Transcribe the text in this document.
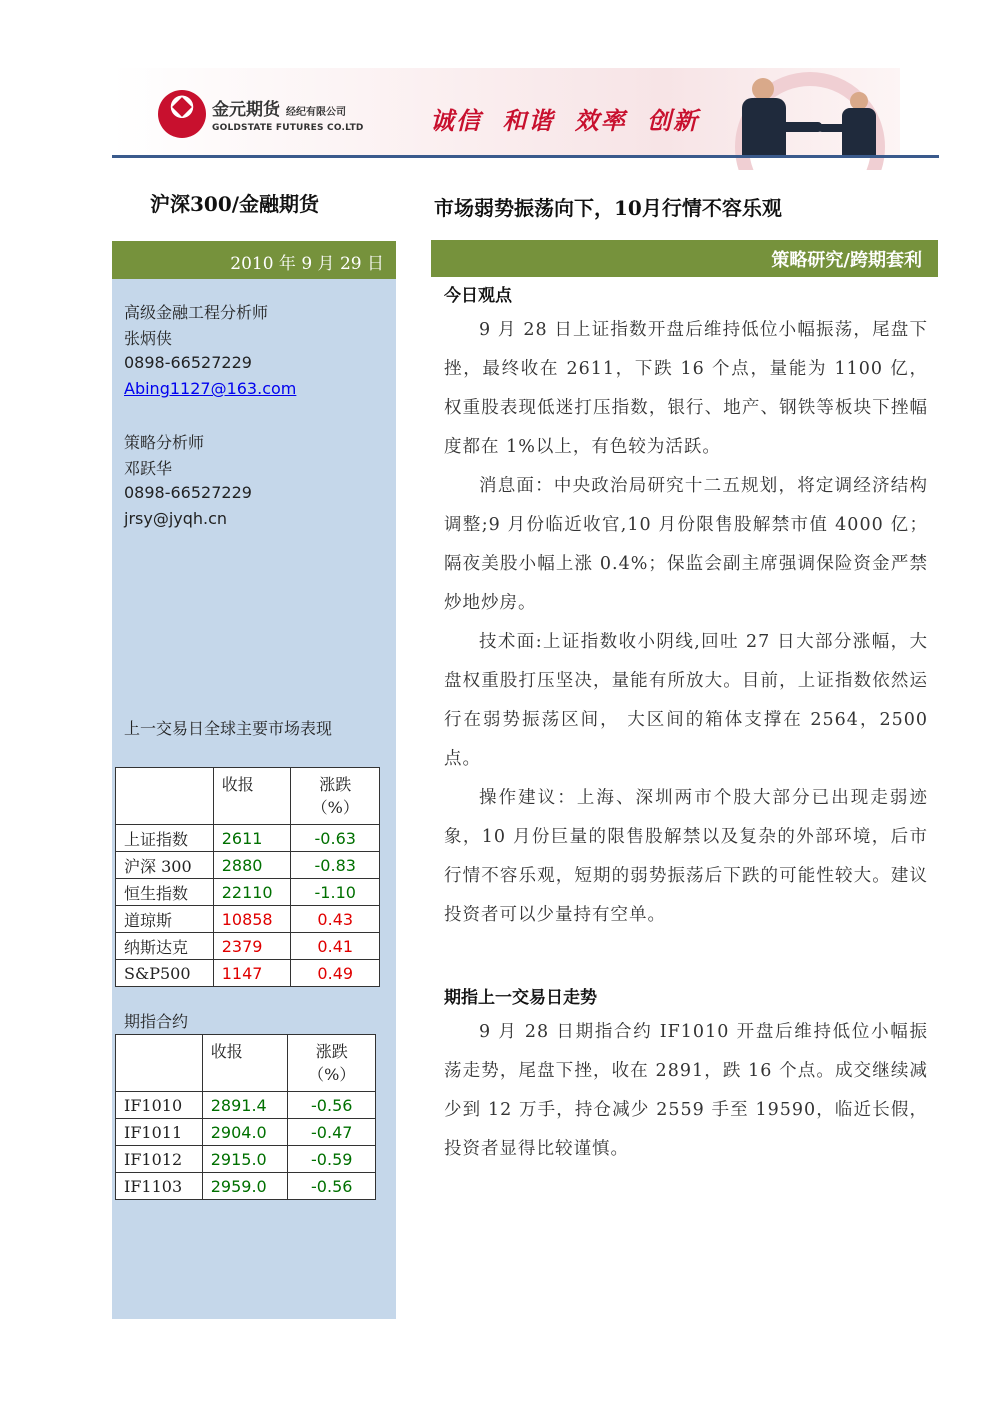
金元期货 经纪有限公司
GOLDSTATE FUTURES CO.LTD	诚信 和谐 效率 创新
沪深300/金融期货	市场弱势振荡向下，10月行情不容乐观
2010 年 9 月 29 日
高级金融工程分析师
张炳侠
0898-66527229
Abing1127@163.com
策略分析师
邓跃华
0898-66527229
jrsy@jyqh.cn
上一交易日全球主要市场表现
	收报	涨跌
（%）

上证指数	2611	-0.63
沪深 300	2880	-0.83
恒生指数	22110	-1.10
道琼斯	10858	0.43
纳斯达克	2379	0.41
S&P500	1147	0.49
期指合约
	收报	涨跌
（%）

IF1010	2891.4	-0.56
IF1011	2904.0	-0.47
IF1012	2915.0	-0.59
IF1103	2959.0	-0.56
策略研究/跨期套利
今日观点

9 月 28 日上证指数开盘后维持低位小幅振荡，尾盘下挫，最终收在 2611，下跌 16 个点，量能为 1100 亿，权重股表现低迷打压指数，银行、地产、钢铁等板块下挫幅度都在 1%以上，有色较为活跃。

消息面：中央政治局研究十二五规划，将定调经济结构调整;9 月份临近收官,10 月份限售股解禁市值 4000 亿；隔夜美股小幅上涨 0.4%；保监会副主席强调保险资金严禁炒地炒房。

技术面:上证指数收小阴线,回吐 27 日大部分涨幅，大盘权重股打压坚决，量能有所放大。目前，上证指数依然运行在弱势振荡区间， 大区间的箱体支撑在 2564，2500 点。

操作建议：上海、深圳两市个股大部分已出现走弱迹象，10 月份巨量的限售股解禁以及复杂的外部环境，后市行情不容乐观，短期的弱势振荡后下跌的可能性较大。建议投资者可以少量持有空单。

期指上一交易日走势

9 月 28 日期指合约 IF1010 开盘后维持低位小幅振荡走势，尾盘下挫，收在 2891，跌 16 个点。成交继续减少到 12 万手，持仓减少 2559 手至 19590，临近长假，投资者显得比较谨慎。
